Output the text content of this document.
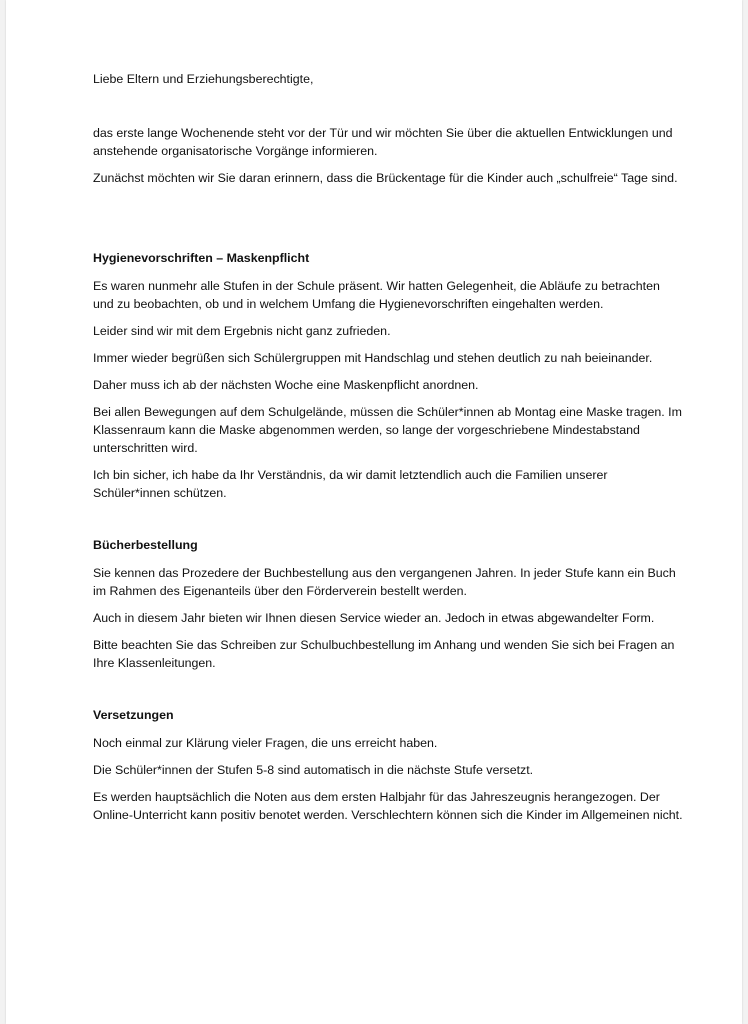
Liebe Eltern und Erziehungsberechtigte,

das erste lange Wochenende steht vor der Tür und wir möchten Sie über die aktuellen Entwicklungen und anstehende organisatorische Vorgänge informieren.

Zunächst möchten wir Sie daran erinnern, dass die Brückentage für die Kinder auch „schulfreie“ Tage sind.

Hygienevorschriften – Maskenpflicht

Es waren nunmehr alle Stufen in der Schule präsent. Wir hatten Gelegenheit, die Abläufe zu betrachten und zu beobachten, ob und in welchem Umfang die Hygienevorschriften eingehalten werden.

Leider sind wir mit dem Ergebnis nicht ganz zufrieden.

Immer wieder begrüßen sich Schülergruppen mit Handschlag und stehen deutlich zu nah beieinander.

Daher muss ich ab der nächsten Woche eine Maskenpflicht anordnen.

Bei allen Bewegungen auf dem Schulgelände, müssen die Schüler*innen ab Montag eine Maske tragen. Im Klassenraum kann die Maske abgenommen werden, so lange der vorgeschriebene Mindestabstand unterschritten wird.

Ich bin sicher, ich habe da Ihr Verständnis, da wir damit letztendlich auch die Familien unserer Schüler*innen schützen.

Bücherbestellung

Sie kennen das Prozedere der Buchbestellung aus den vergangenen Jahren. In jeder Stufe kann ein Buch im Rahmen des Eigenanteils über den Förderverein bestellt werden.

Auch in diesem Jahr bieten wir Ihnen diesen Service wieder an. Jedoch in etwas abgewandelter Form.

Bitte beachten Sie das Schreiben zur Schulbuchbestellung im Anhang und wenden Sie sich bei Fragen an Ihre Klassenleitungen.

Versetzungen

Noch einmal zur Klärung vieler Fragen, die uns erreicht haben.

Die Schüler*innen der Stufen 5-8 sind automatisch in die nächste Stufe versetzt.

Es werden hauptsächlich die Noten aus dem ersten Halbjahr für das Jahreszeugnis herangezogen. Der Online-Unterricht kann positiv benotet werden. Verschlechtern können sich die Kinder im Allgemeinen nicht.
